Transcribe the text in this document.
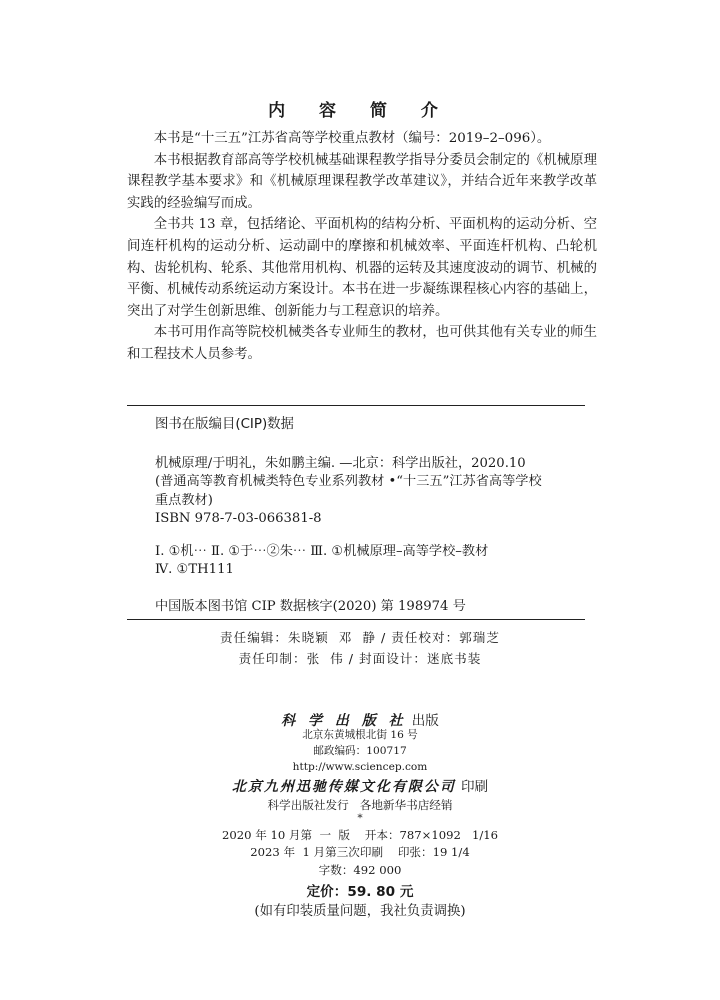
内 容 简 介

本书是“十三五”江苏省高等学校重点教材（编号：2019–2–096）。

本书根据教育部高等学校机械基础课程教学指导分委员会制定的《机械原理课程教学基本要求》和《机械原理课程教学改革建议》，并结合近年来教学改革实践的经验编写而成。

全书共 13 章，包括绪论、平面机构的结构分析、平面机构的运动分析、空间连杆机构的运动分析、运动副中的摩擦和机械效率、平面连杆机构、凸轮机构、齿轮机构、轮系、其他常用机构、机器的运转及其速度波动的调节、机械的平衡、机械传动系统运动方案设计。本书在进一步凝练课程核心内容的基础上，突出了对学生创新思维、创新能力与工程意识的培养。

本书可用作高等院校机械类各专业师生的教材，也可供其他有关专业的师生和工程技术人员参考。

图书在版编目(CIP)数据
机械原理/于明礼，朱如鹏主编. —北京：科学出版社，2020.10
(普通高等教育机械类特色专业系列教材 •“十三五”江苏省高等学校
重点教材)
ISBN 978-7-03-066381-8
Ⅰ. ①机⋯ Ⅱ. ①于⋯②朱⋯ Ⅲ. ①机械原理–高等学校–教材
Ⅳ. ①TH111
中国版本图书馆 CIP 数据核字(2020) 第 198974 号
责任编辑：朱晓颖  邓  静 / 责任校对：郭瑞芝
责任印制：张  伟 / 封面设计：迷底书装
科 学 出 版 社 出版
北京东黄城根北街 16 号
邮政编码：100717
http://www.sciencep.com
北京九州迅驰传媒文化有限公司 印刷
科学出版社发行   各地新华书店经销
*
2020 年 10 月第  一  版    开本：787×1092   1/16
2023 年  1 月第三次印刷    印张：19 1/4
字数：492 000
定价：59. 80 元
(如有印装质量问题，我社负责调换)
